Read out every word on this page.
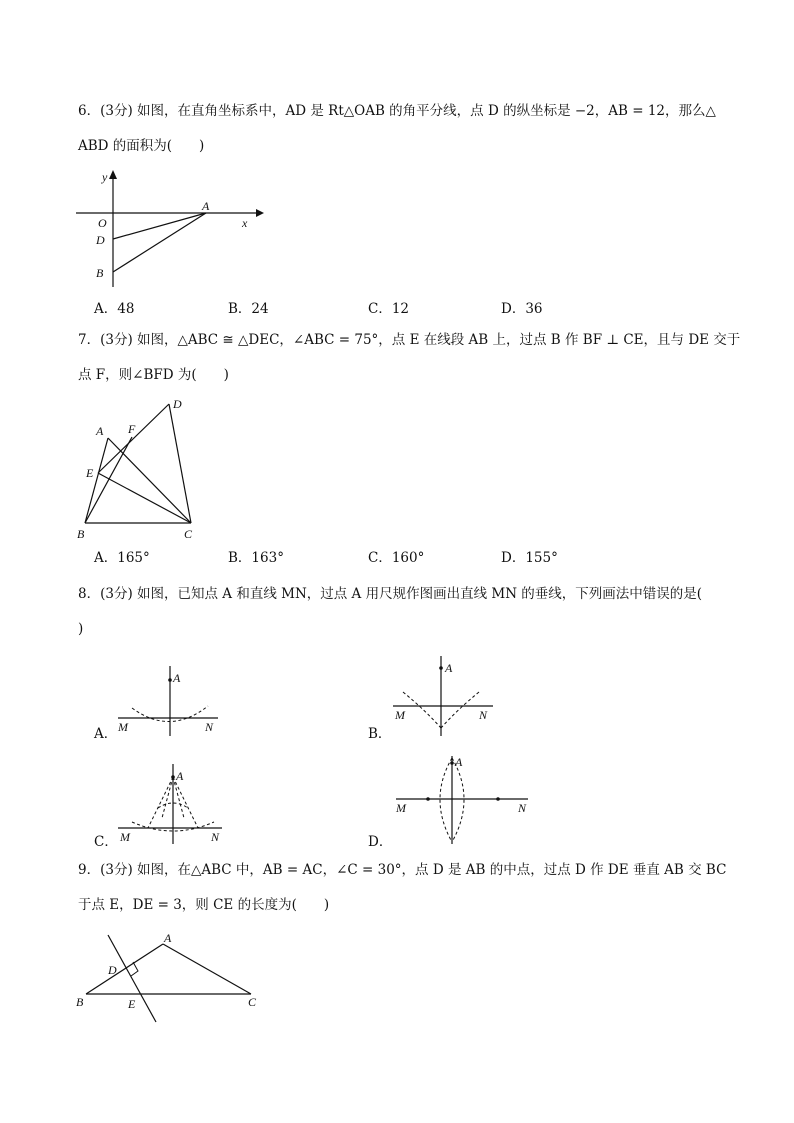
6．(3分) 如图，在直角坐标系中，AD 是 Rt△OAB 的角平分线，点 D 的纵坐标是 −2，AB = 12，那么△
ABD 的面积为(　　)
y
x
O
A
D
B
A．48	B．24	C．12	D．36
7．(3分) 如图，△ABC ≅ △DEC，∠ABC = 75°，点 E 在线段 AB 上，过点 B 作 BF ⊥ CE，且与 DE 交于
点 F，则∠BFD 为(　　)
A F
D
E
B	C
A．165°	B．163°	C．160°	D．155°
8．(3分) 如图，已知点 A 和直线 MN，过点 A 用尺规作图画出直线 MN 的垂线，下列画法中错误的是(
)
A．
A
M	N	B．
A
M	N
C．
A
M	N	D．
A
M	N
9．(3分) 如图，在△ABC 中，AB = AC，∠C = 30°，点 D 是 AB 的中点，过点 D 作 DE 垂直 AB 交 BC
于点 E，DE = 3，则 CE 的长度为(　　)
A
D
B	E	C
